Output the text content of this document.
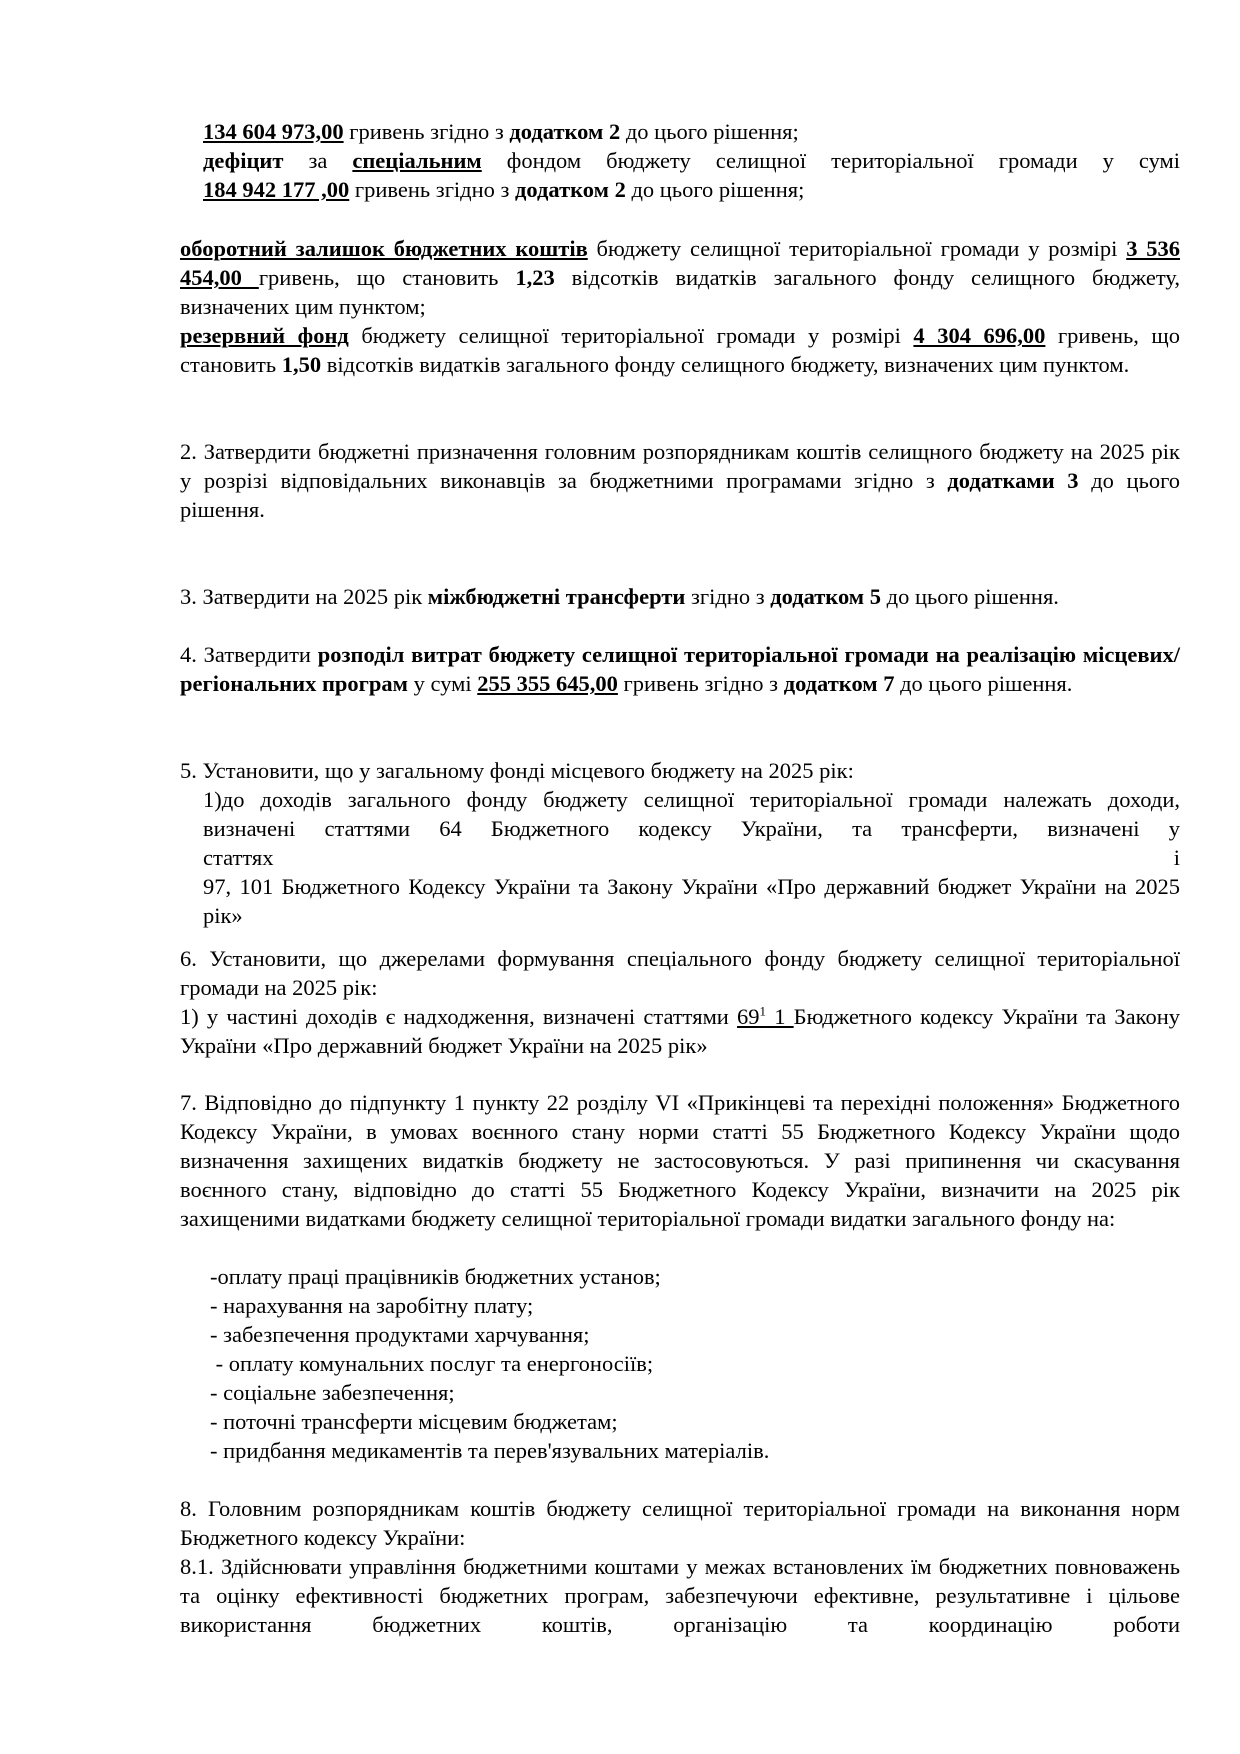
134 604 973,00 гривень згідно з додатком 2 до цього рішення;
дефіцит за спеціальним фондом бюджету селищної територіальної громади у сумі
184 942 177 ,00 гривень згідно з додатком 2 до цього рішення;

оборотний залишок бюджетних коштів бюджету селищної територіальної громади у розмірі 3 536 454,00 гривень, що становить 1,23 відсотків видатків загального фонду селищного бюджету, визначених цим пунктом;

резервний фонд бюджету селищної територіальної громади у розмірі 4 304 696,00 гривень, що становить 1,50 відсотків видатків загального фонду селищного бюджету, визначених цим пунктом.

2. Затвердити бюджетні призначення головним розпорядникам коштів селищного бюджету на 2025 рік у розрізі відповідальних виконавців за бюджетними програмами згідно з додатками 3 до цього рішення.

3. Затвердити на 2025 рік міжбюджетні трансферти згідно з додатком 5 до цього рішення.

4. Затвердити розподіл витрат бюджету селищної територіальної громади на реалізацію місцевих/регіональних програм у сумі 255 355 645,00 гривень згідно з додатком 7 до цього рішення.

5. Установити, що у загальному фонді місцевого бюджету на 2025 рік:
1)до доходів загального фонду бюджету селищної територіальної громади належать доходи, визначені статтями 64 Бюджетного кодексу України, та трансферти, визначені у
статтях	і
97, 101 Бюджетного Кодексу України та Закону України «Про державний бюджет України на 2025 рік»

6. Установити, що джерелами формування спеціального фонду бюджету селищної територіальної громади на 2025 рік:

1) у частині доходів є надходження, визначені статтями $69^1$ 1 Бюджетного кодексу України та Закону України «Про державний бюджет України на 2025 рік»

7. Відповідно до підпункту 1 пункту 22 розділу VI «Прикінцеві та перехідні положення» Бюджетного Кодексу України, в умовах воєнного стану норми статті 55 Бюджетного Кодексу України щодо визначення захищених видатків бюджету не застосовуються. У разі припинення чи скасування воєнного стану, відповідно до статті 55 Бюджетного Кодексу України, визначити на 2025 рік захищеними видатками бюджету селищної територіальної громади видатки загального фонду на:

-оплату праці працівників бюджетних установ;
- нарахування на заробітну плату;
- забезпечення продуктами харчування;
- оплату комунальних послуг та енергоносіїв;
- соціальне забезпечення;
- поточні трансферти місцевим бюджетам;
- придбання медикаментів та перев'язувальних матеріалів.

8. Головним розпорядникам коштів бюджету селищної територіальної громади на виконання норм Бюджетного кодексу України:

8.1. Здійснювати управління бюджетними коштами у межах встановлених їм бюджетних повноважень та оцінку ефективності бюджетних програм, забезпечуючи ефективне, результативне і цільове використання бюджетних коштів, організацію та координацію роботи
